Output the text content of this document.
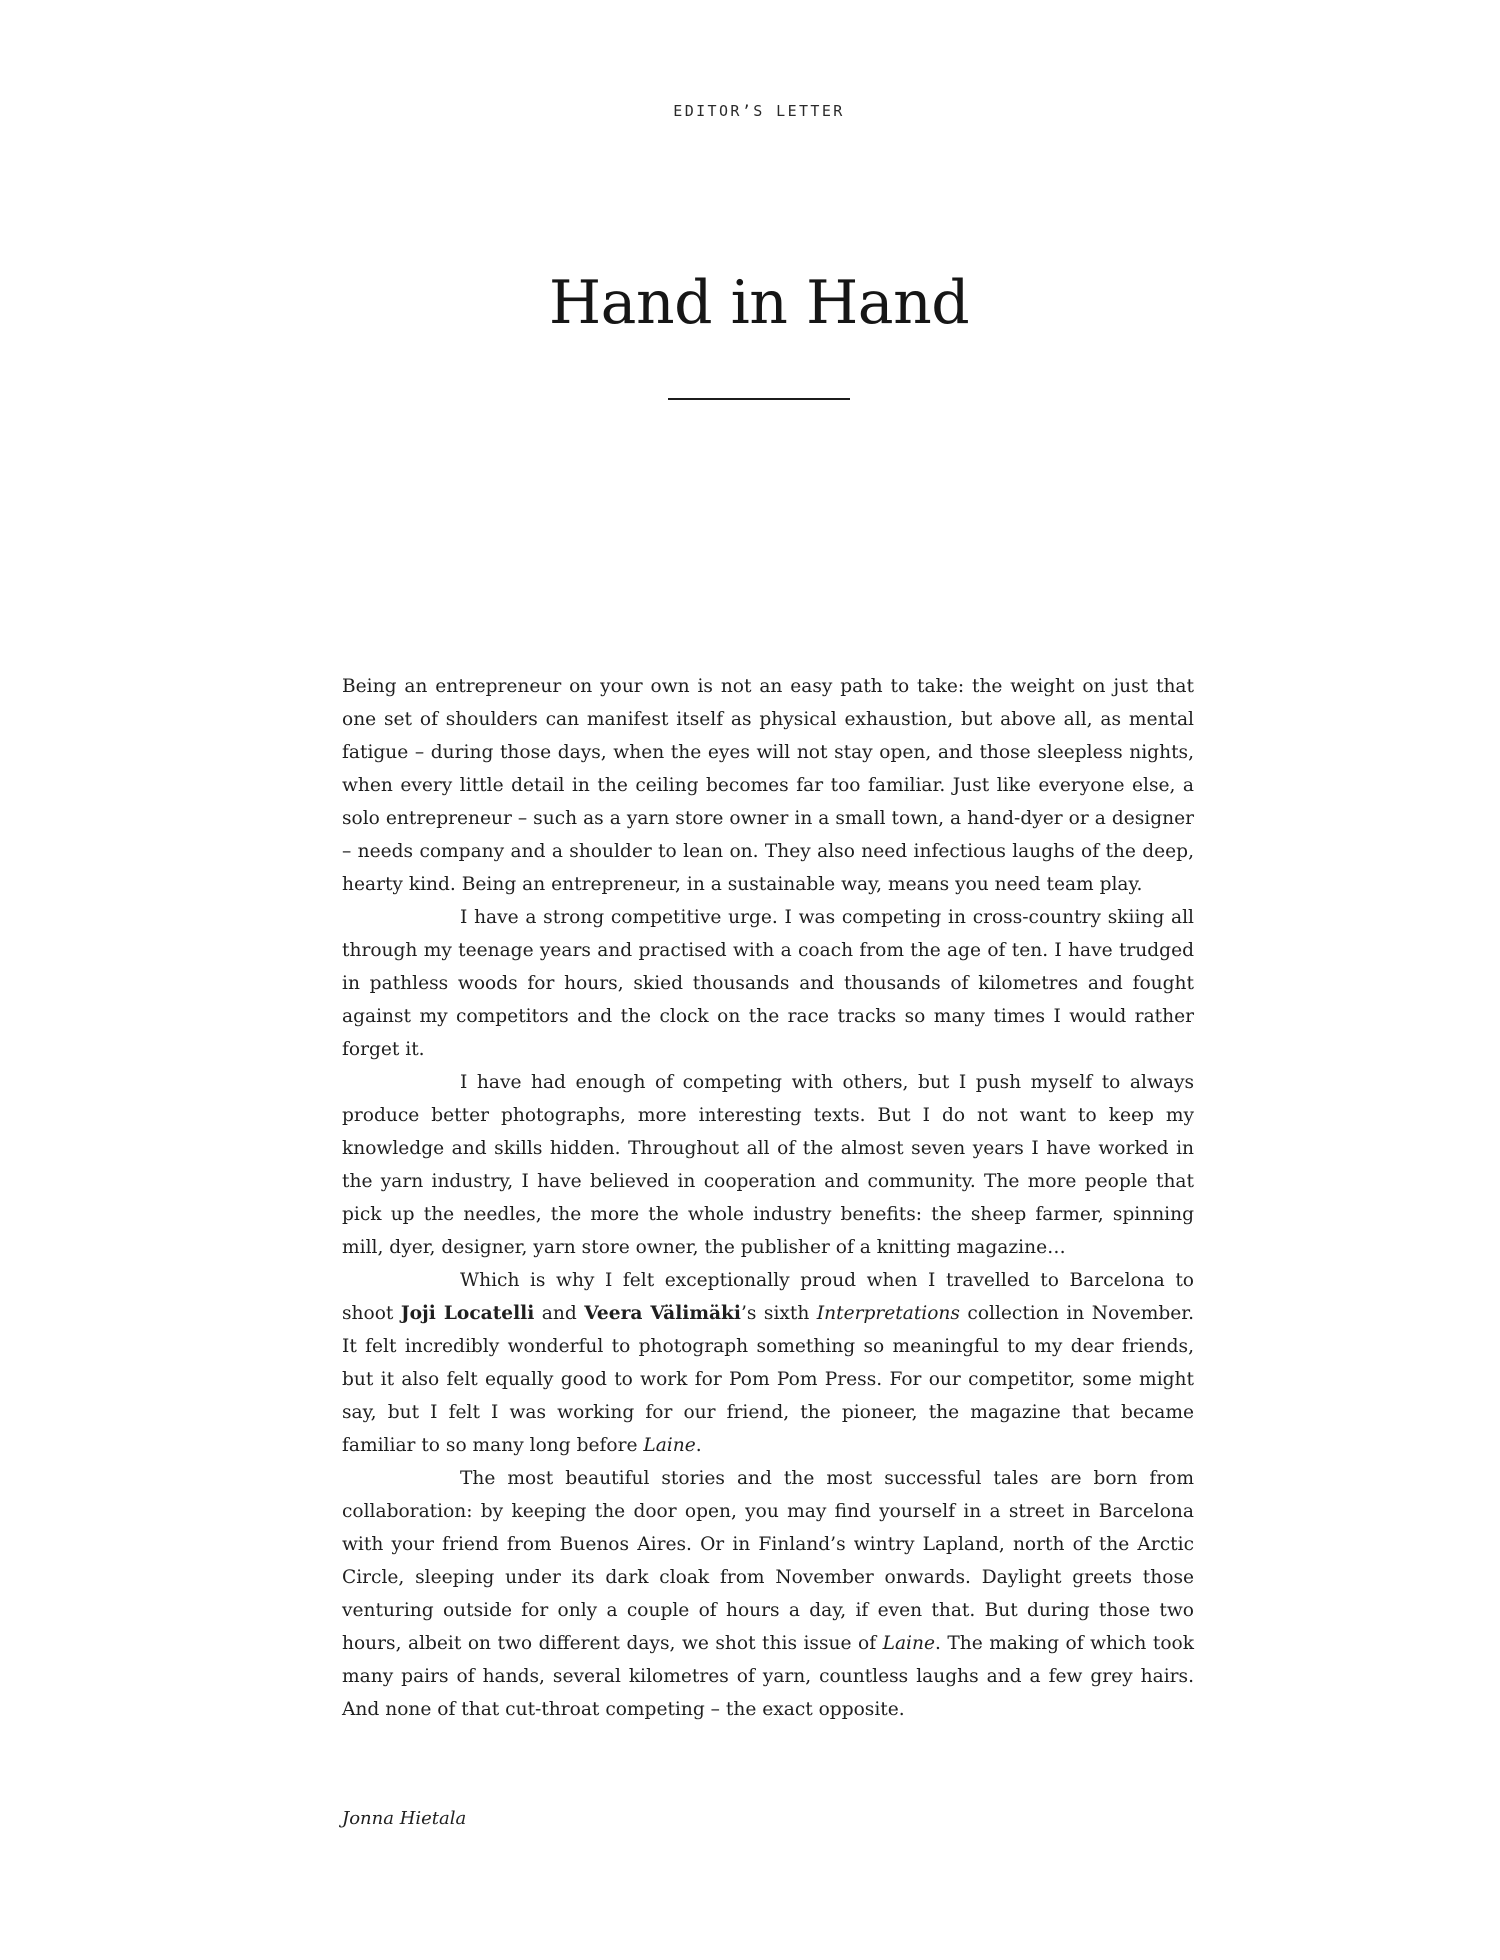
EDITOR’S LETTER
Hand in Hand

Being an entrepreneur on your own is not an easy path to take: the weight on just that one set of shoulders can manifest itself as physical exhaustion, but above all, as mental fatigue – during those days, when the eyes will not stay open, and those sleepless nights, when every little detail in the ceiling becomes far too familiar. Just like everyone else, a solo entrepreneur – such as a yarn store owner in a small town, a hand-dyer or a designer – needs company and a shoulder to lean on. They also need infectious laughs of the deep, hearty kind. Being an entrepreneur, in a sustainable way, means you need team play.

I have a strong competitive urge. I was competing in cross-country skiing all through my teenage years and practised with a coach from the age of ten. I have trudged in pathless woods for hours, skied thousands and thousands of kilometres and fought against my competitors and the clock on the race tracks so many times I would rather forget it.

I have had enough of competing with others, but I push myself to always produce better photographs, more interesting texts. But I do not want to keep my knowledge and skills hidden. Throughout all of the almost seven years I have worked in the yarn industry, I have believed in cooperation and community. The more people that pick up the needles, the more the whole industry benefits: the sheep farmer, spinning mill, dyer, designer, yarn store owner, the publisher of a knitting magazine…

Which is why I felt exceptionally proud when I travelled to Barcelona to shoot Joji Locatelli and Veera Välimäki’s sixth Interpretations collection in November. It felt incredibly wonderful to photograph something so meaningful to my dear friends, but it also felt equally good to work for Pom Pom Press. For our competitor, some might say, but I felt I was working for our friend, the pioneer, the magazine that became familiar to so many long before Laine.

The most beautiful stories and the most successful tales are born from collaboration: by keeping the door open, you may find yourself in a street in Barcelona with your friend from Buenos Aires. Or in Finland’s wintry Lapland, north of the Arctic Circle, sleeping under its dark cloak from November onwards. Daylight greets those venturing outside for only a couple of hours a day, if even that. But during those two hours, albeit on two different days, we shot this issue of Laine. The making of which took many pairs of hands, several kilometres of yarn, countless laughs and a few grey hairs. And none of that cut-throat competing – the exact opposite.

Jonna Hietala
